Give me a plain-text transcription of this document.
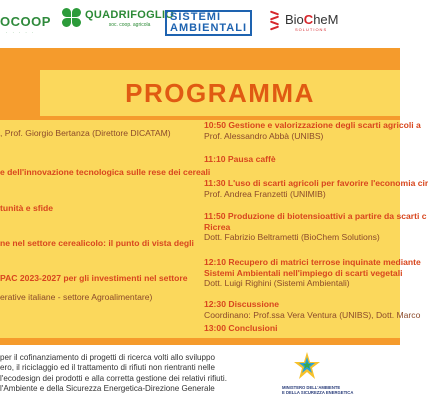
OCOOP
· · · · ·
QUADRIFOGLIO
soc. coop. agricola
SISTEMI
AMBIENTALI
BioCheM
SOLUTIONS
PROGRAMMA
, Prof. Giorgio Bertanza (Direttore DICATAM)
e dell'innovazione tecnologica sulle rese dei cereali
tunità e sfide
ne nel settore cerealicolo: il punto di vista degli
PAC 2023-2027 per gli investimenti nel settore
erative italiane - settore Agroalimentare)
10:50 Gestione e valorizzazione degli scarti agricoli a
Prof. Alessandro Abbà (UNIBS)
11:10 Pausa caffè
11:30 L'uso di scarti agricoli per favorire l'economia cir
Prof. Andrea Franzetti (UNIMIB)
11:50 Produzione di biotensioattivi a partire da scarti c
Ricrea
Dott. Fabrizio Beltrametti (BioChem Solutions)
12:10 Recupero di matrici terrose inquinate mediante
Sistemi Ambientali nell'impiego di scarti vegetali
Dott. Luigi Righini (Sistemi Ambientali)
12:30 Discussione
Coordinano: Prof.ssa Vera Ventura (UNIBS), Dott. Marco
13:00 Conclusioni
per il cofinanziamento di progetti di ricerca volti allo sviluppo
ero, il riciclaggio ed il trattamento di rifiuti non rientranti nelle
l'ecodesign dei prodotti e alla corretta gestione dei relativi rifiuti.
l'Ambiente e della Sicurezza Energetica-Direzione Generale	MINISTERO DELL'AMBIENTE
E DELLA SICUREZZA ENERGETICA
